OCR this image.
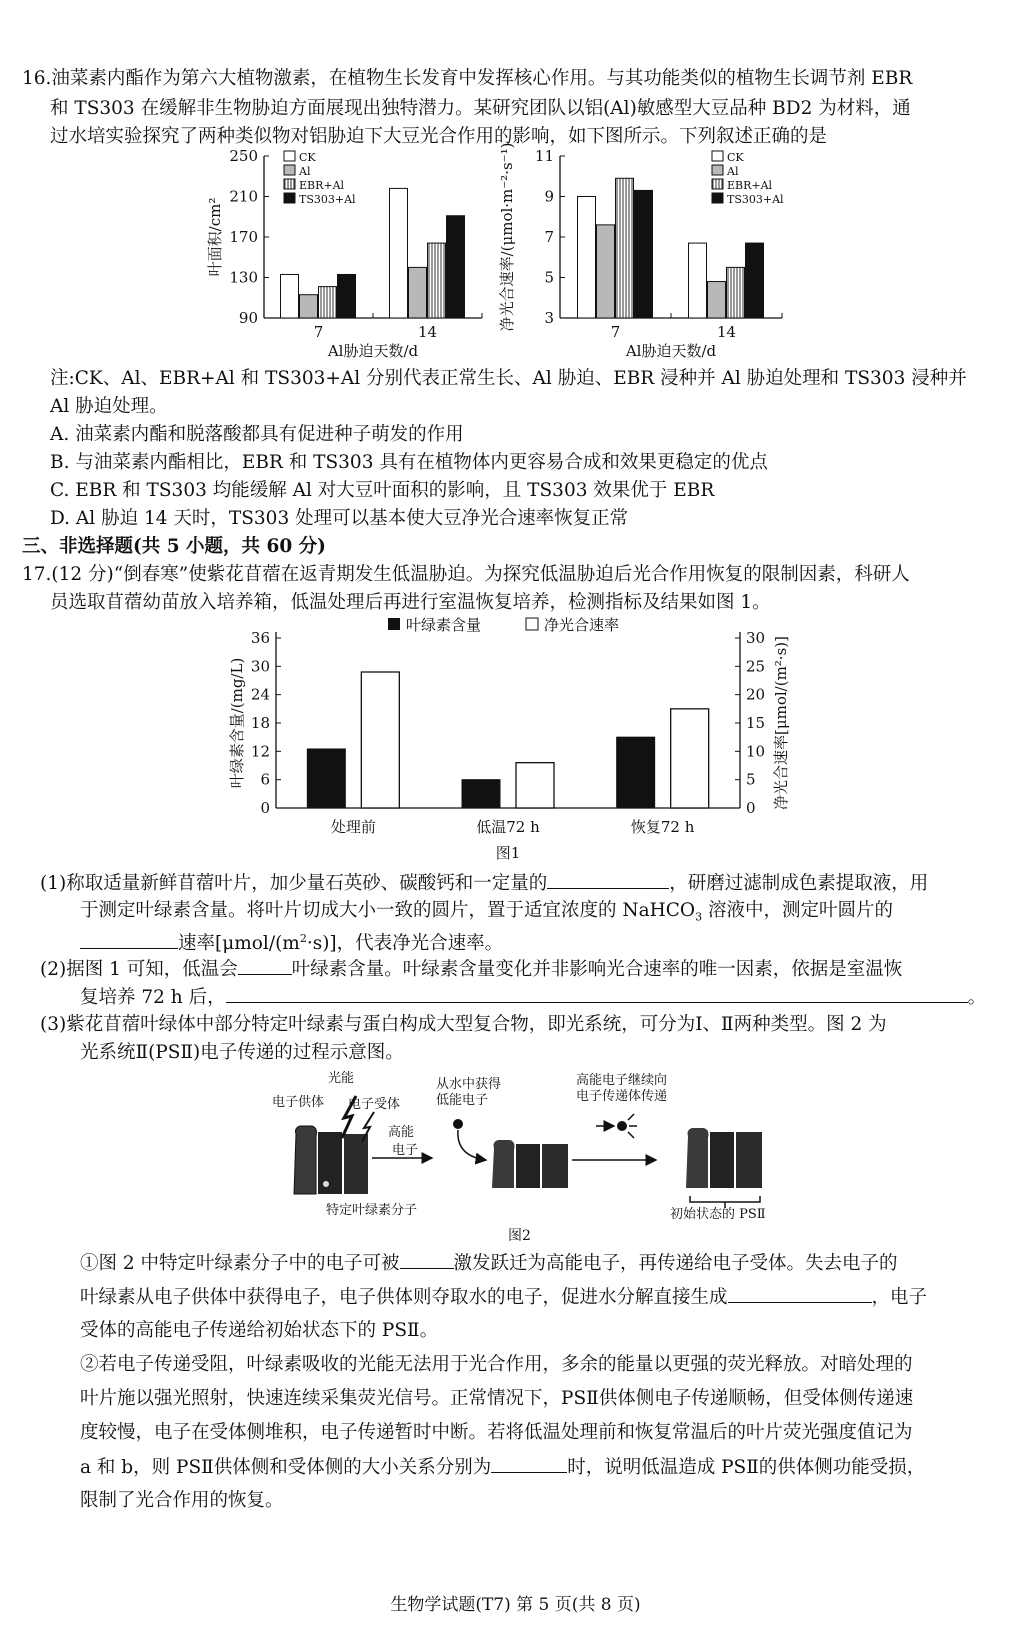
16.油菜素内酯作为第六大植物激素，在植物生长发育中发挥核心作用。与其功能类似的植物生长调节剂 EBR
和 TS303 在缓解非生物胁迫方面展现出独特潜力。某研究团队以铝(Al)敏感型大豆品种 BD2 为材料，通
过水培实验探究了两种类似物对铝胁迫下大豆光合作用的影响，如下图所示。下列叙述正确的是
90
130
170
210
250
7	14
Al胁迫天数/d
叶面积/cm²
CK
Al
EBR+Al
TS303+Al
3
5
7
9
11
7	14
Al胁迫天数/d
净光合速率/(μmol·m⁻²·s⁻¹)	CK
Al
EBR+Al
TS303+Al
注:CK、Al、EBR+Al 和 TS303+Al 分别代表正常生长、Al 胁迫、EBR 浸种并 Al 胁迫处理和 TS303 浸种并
Al 胁迫处理。
A. 油菜素内酯和脱落酸都具有促进种子萌发的作用
B. 与油菜素内酯相比，EBR 和 TS303 具有在植物体内更容易合成和效果更稳定的优点
C. EBR 和 TS303 均能缓解 Al 对大豆叶面积的影响，且 TS303 效果优于 EBR
D. Al 胁迫 14 天时，TS303 处理可以基本使大豆净光合速率恢复正常
三、非选择题(共 5 小题，共 60 分)
17.(12 分)“倒春寒”使紫花苜蓿在返青期发生低温胁迫。为探究低温胁迫后光合作用恢复的限制因素，科研人
员选取苜蓿幼苗放入培养箱，低温处理后再进行室温恢复培养，检测指标及结果如图 1。
0
6
12
18
24
30
36
0
5
10
15
20
25
30
处理前	低温72 h	恢复72 h
叶绿素含量/(mg/L)	净光合速率[μmol/(m²·s)]
叶绿素含量	净光合速率
图1
(1)称取适量新鲜苜蓿叶片，加少量石英砂、碳酸钙和一定量的	，研磨过滤制成色素提取液，用
于测定叶绿素含量。将叶片切成大小一致的圆片，置于适宜浓度的 NaHCO$_3$ 溶液中，测定叶圆片的
速率$[\mu mol/(m^2\cdot s)]$，代表净光合速率。
(2)据图 1 可知，低温会	叶绿素含量。叶绿素含量变化并非影响光合速率的唯一因素，依据是室温恢
复培养 72 h 后，	。
(3)紫花苜蓿叶绿体中部分特定叶绿素与蛋白构成大型复合物，即光系统，可分为Ⅰ、Ⅱ两种类型。图 2 为
光系统Ⅱ(PSⅡ)电子传递的过程示意图。
光能
电子供体 电子受体
高能
电子
特定叶绿素分子
从水中获得
低能电子
高能电子继续向
电子传递体传递
初始状态的 PSⅡ
图2
①图 2 中特定叶绿素分子中的电子可被	激发跃迁为高能电子，再传递给电子受体。失去电子的
叶绿素从电子供体中获得电子，电子供体则夺取水的电子，促进水分解直接生成	，电子
受体的高能电子传递给初始状态下的 PSⅡ。
②若电子传递受阻，叶绿素吸收的光能无法用于光合作用，多余的能量以更强的荧光释放。对暗处理的
叶片施以强光照射，快速连续采集荧光信号。正常情况下，PSⅡ供体侧电子传递顺畅，但受体侧传递速
度较慢，电子在受体侧堆积，电子传递暂时中断。若将低温处理前和恢复常温后的叶片荧光强度值记为
a 和 b，则 PSⅡ供体侧和受体侧的大小关系分别为	时，说明低温造成 PSⅡ的供体侧功能受损，
限制了光合作用的恢复。
生物学试题(T7) 第 5 页(共 8 页)
